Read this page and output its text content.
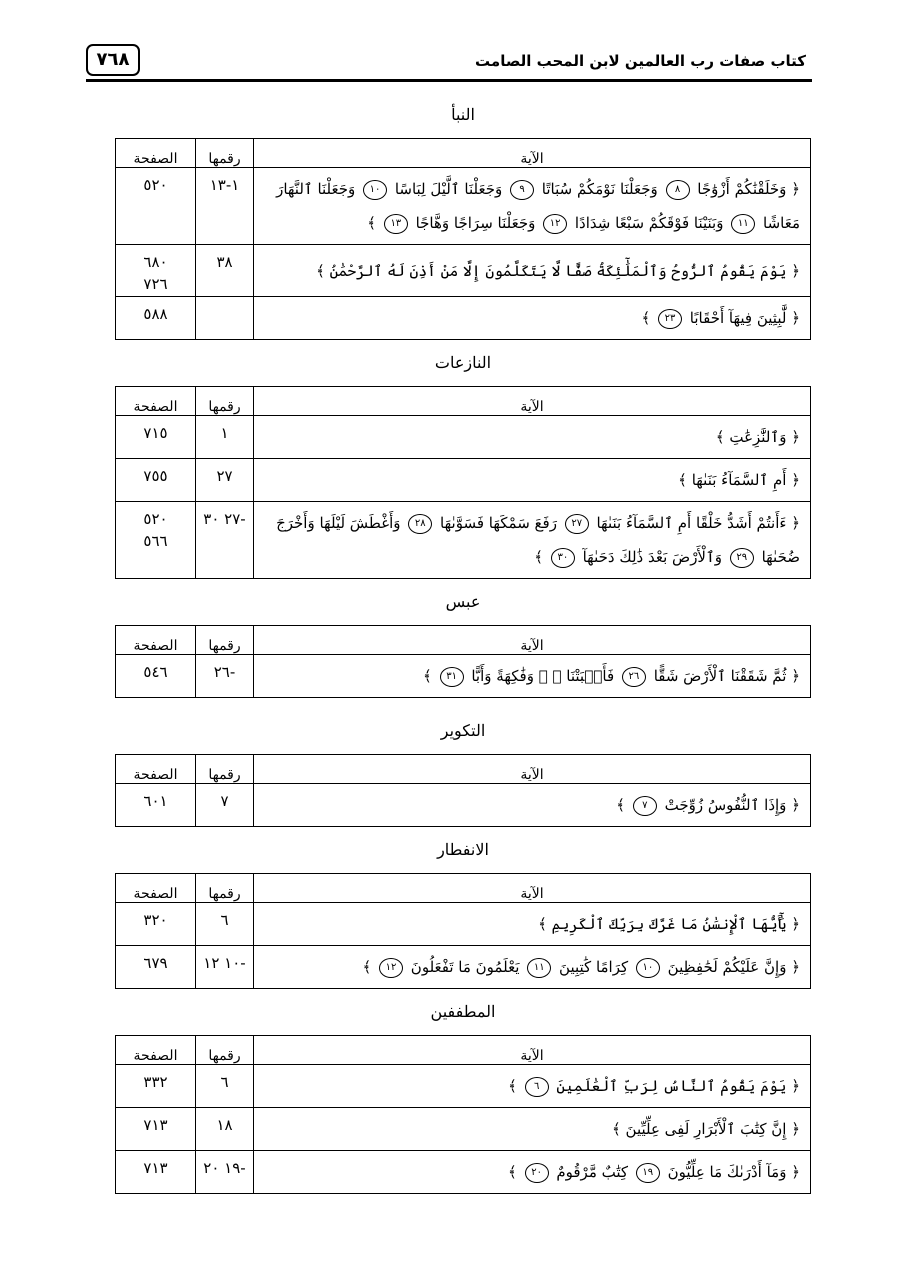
٧٦٨	كتاب صفات رب العالمين لابن المحب الصامت
النبأ
الآية	رقمها	الصفحة
﴿ وَخَلَقْنَٰكُمْ أَزْوَٰجًا ٨ وَجَعَلْنَا نَوْمَكُمْ سُبَاتًا ٩ وَجَعَلْنَا ٱلَّيْلَ لِبَاسًا ١٠ وَجَعَلْنَا ٱلنَّهَارَ مَعَاشًا ١١ وَبَنَيْنَا فَوْقَكُمْ سَبْعًا شِدَادًا ١٢ وَجَعَلْنَا سِرَاجًا وَهَّاجًا ١٣ ﴾	١-١٣	٥٢٠

﴿ يَوْمَ يَقُومُ ٱلرُّوحُ وَٱلْمَلَٰٓئِكَةُ صَفًّا لَّا يَتَكَلَّمُونَ إِلَّا مَنْ أَذِنَ لَهُ ٱلرَّحْمَٰنُ ﴾	٣٨	٦٨٠
٧٢٦

﴿ لَّٰبِثِينَ فِيهَآ أَحْقَابًا ٢٣ ﴾		٥٨٨
النازعات
الآية	رقمها	الصفحة
﴿ وَٱلنَّٰزِعَٰتِ ﴾	١	٧١٥

﴿ أَمِ ٱلسَّمَآءُ بَنَىٰهَا ﴾	٢٧	٧٥٥

﴿ ءَأَنتُمْ أَشَدُّ خَلْقًا أَمِ ٱلسَّمَآءُ بَنَىٰهَا ٢٧ رَفَعَ سَمْكَهَا فَسَوَّىٰهَا ٢٨ وَأَغْطَشَ لَيْلَهَا وَأَخْرَجَ ضُحَىٰهَا ٢٩ وَٱلْأَرْضَ بَعْدَ ذَٰلِكَ دَحَىٰهَآ ٣٠ ﴾	-٢٧ ٣٠	٥٢٠
٥٦٦
عبس
الآية	رقمها	الصفحة
﴿ ثُمَّ شَقَقْنَا ٱلْأَرْضَ شَقًّا ٢٦ فَأَنۢبَتْنَا ﴾ ﴿ وَفَٰكِهَةً وَأَبًّا ٣١ ﴾	-٢٦	٥٤٦
التكوير
الآية	رقمها	الصفحة
﴿ وَإِذَا ٱلنُّفُوسُ زُوِّجَتْ ٧ ﴾	٧	٦٠١
الانفطار
الآية	رقمها	الصفحة
﴿ يَٰٓأَيُّهَا ٱلْإِنسَٰنُ مَا غَرَّكَ بِرَبِّكَ ٱلْكَرِيمِ ﴾	٦	٣٢٠

﴿ وَإِنَّ عَلَيْكُمْ لَحَٰفِظِينَ ١٠ كِرَامًا كَٰتِبِينَ ١١ يَعْلَمُونَ مَا تَفْعَلُونَ ١٢ ﴾	-١٠ ١٢	٦٧٩
المطففين
الآية	رقمها	الصفحة
﴿ يَوْمَ يَقُومُ ٱلنَّاسُ لِرَبِّ ٱلْعَٰلَمِينَ ٦ ﴾	٦	٣٣٢

﴿ إِنَّ كِتَٰبَ ٱلْأَبْرَارِ لَفِى عِلِّيِّينَ ﴾	١٨	٧١٣

﴿ وَمَآ أَدْرَىٰكَ مَا عِلِّيُّونَ ١٩ كِتَٰبٌ مَّرْقُومٌ ٢٠ ﴾	-١٩ ٢٠	٧١٣
